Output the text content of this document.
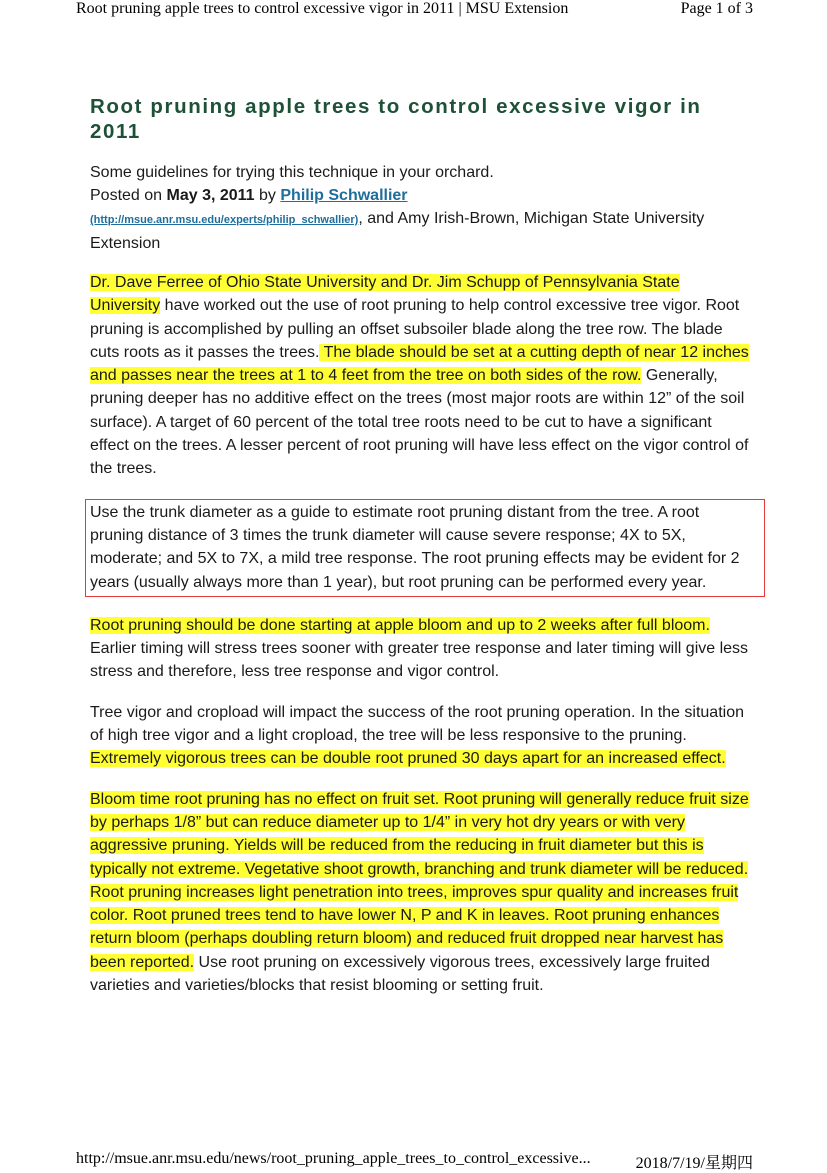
Root pruning apple trees to control excessive vigor in 2011 | MSU Extension	Page 1 of 3
Root pruning apple trees to control excessive vigor in 2011

Some guidelines for trying this technique in your orchard.

Posted on May 3, 2011 by Philip Schwallier
(http://msue.anr.msu.edu/experts/philip_schwallier), and Amy Irish-Brown, Michigan State University Extension

Dr. Dave Ferree of Ohio State University and Dr. Jim Schupp of Pennsylvania State University have worked out the use of root pruning to help control excessive tree vigor. Root pruning is accomplished by pulling an offset subsoiler blade along the tree row. The blade cuts roots as it passes the trees. The blade should be set at a cutting depth of near 12 inches and passes near the trees at 1 to 4 feet from the tree on both sides of the row. Generally, pruning deeper has no additive effect on the trees (most major roots are within 12” of the soil surface). A target of 60 percent of the total tree roots need to be cut to have a significant effect on the trees. A lesser percent of root pruning will have less effect on the vigor control of the trees.

Use the trunk diameter as a guide to estimate root pruning distant from the tree. A root pruning distance of 3 times the trunk diameter will cause severe response; 4X to 5X, moderate; and 5X to 7X, a mild tree response. The root pruning effects may be evident for 2 years (usually always more than 1 year), but root pruning can be performed every year.

Root pruning should be done starting at apple bloom and up to 2 weeks after full bloom. Earlier timing will stress trees sooner with greater tree response and later timing will give less stress and therefore, less tree response and vigor control.

Tree vigor and cropload will impact the success of the root pruning operation. In the situation of high tree vigor and a light cropload, the tree will be less responsive to the pruning. Extremely vigorous trees can be double root pruned 30 days apart for an increased effect.

Bloom time root pruning has no effect on fruit set. Root pruning will generally reduce fruit size by perhaps 1/8” but can reduce diameter up to 1/4” in very hot dry years or with very aggressive pruning. Yields will be reduced from the reducing in fruit diameter but this is typically not extreme. Vegetative shoot growth, branching and trunk diameter will be reduced. Root pruning increases light penetration into trees, improves spur quality and increases fruit color. Root pruned trees tend to have lower N, P and K in leaves. Root pruning enhances return bloom (perhaps doubling return bloom) and reduced fruit dropped near harvest has been reported. Use root pruning on excessively vigorous trees, excessively large fruited varieties and varieties/blocks that resist blooming or setting fruit.

http://msue.anr.msu.edu/news/root_pruning_apple_trees_to_control_excessive...	2018/7/19/星期四
